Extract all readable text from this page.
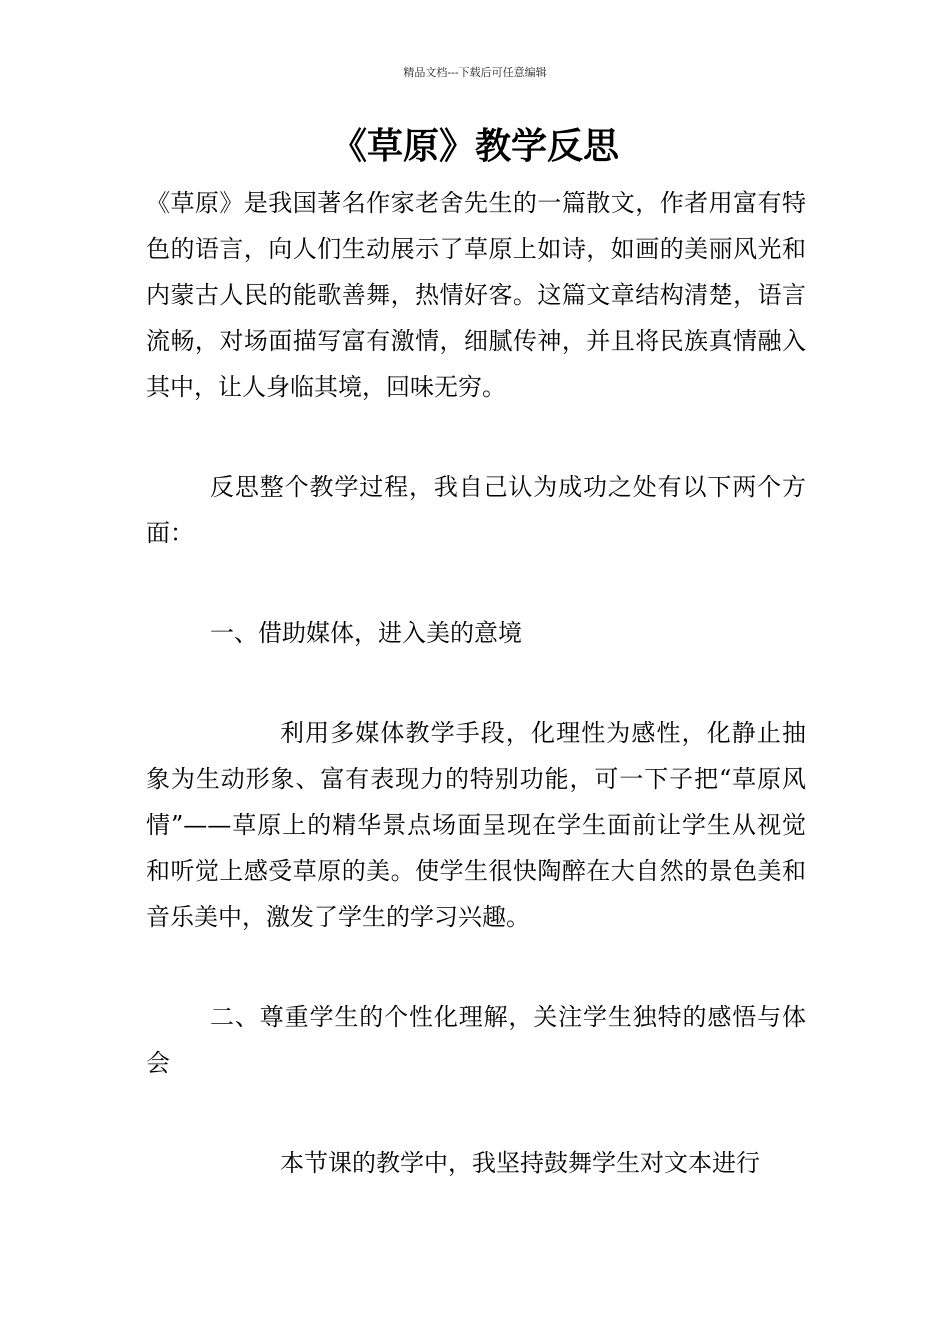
精品文档---下载后可任意编辑
《草原》教学反思

《草原》是我国著名作家老舍先生的一篇散文，作者用富有特色的语言，向人们生动展示了草原上如诗，如画的美丽风光和内蒙古人民的能歌善舞，热情好客。这篇文章结构清楚，语言流畅，对场面描写富有激情，细腻传神，并且将民族真情融入其中，让人身临其境，回味无穷。

反思整个教学过程，我自己认为成功之处有以下两个方面：

一、借助媒体，进入美的意境

利用多媒体教学手段，化理性为感性，化静止抽象为生动形象、富有表现力的特别功能，可一下子把“草原风情”——草原上的精华景点场面呈现在学生面前让学生从视觉和听觉上感受草原的美。使学生很快陶醉在大自然的景色美和音乐美中，激发了学生的学习兴趣。

二、尊重学生的个性化理解，关注学生独特的感悟与体会

本节课的教学中，我坚持鼓舞学生对文本进行
